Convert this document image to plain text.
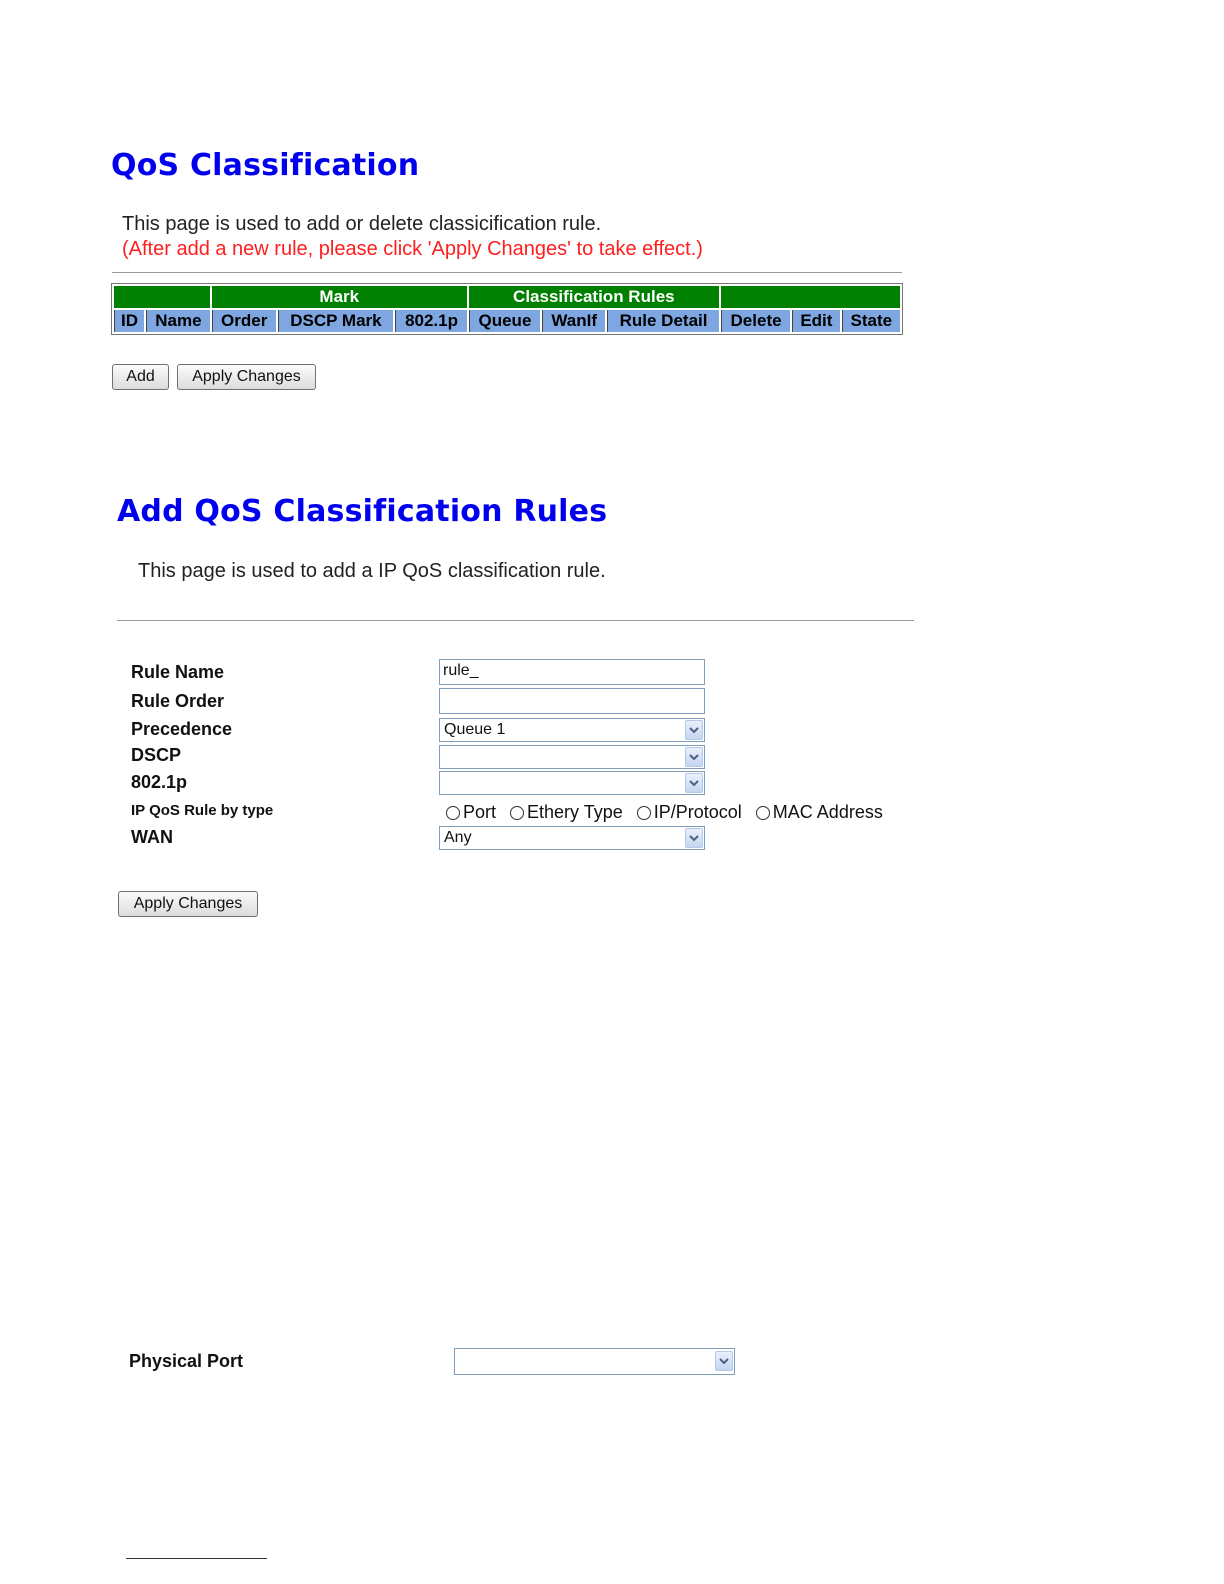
QoS Classification
This page is used to add or delete classicification rule.
(After add a new rule, please click 'Apply Changes' to take effect.)
		Mark			Classification Rules					
ID	Name	Order	DSCP Mark	802.1p	Queue	WanIf	Rule Detail	Delete	Edit	State
Add	Apply Changes
Add QoS Classification Rules
This page is used to add a IP QoS classification rule.
Rule Name	rule_
Rule Order
Precedence	Queue 1
DSCP
802.1p
IP QoS Rule by type	Port Ethery Type IP/Protocol MAC Address
WAN	Any
Apply Changes
Physical Port
